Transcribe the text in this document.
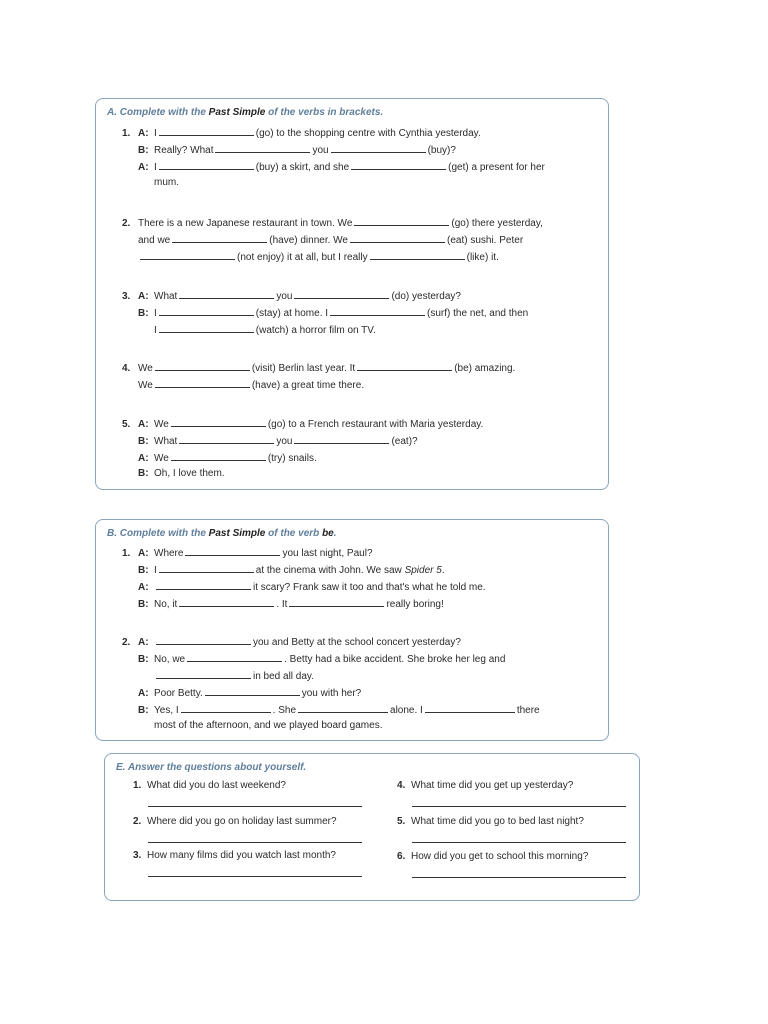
A. Complete with the Past Simple of the verbs in brackets.
1. A: I	(go) to the shopping centre with Cynthia yesterday.
B: Really? What	you	(buy)?
A: I	(buy) a skirt, and she	(get) a present for her
mum.
2. There is a new Japanese restaurant in town. We	(go) there yesterday,
and we	(have) dinner. We	(eat) sushi. Peter
(not enjoy) it at all, but I really	(like) it.
3. A: What	you	(do) yesterday?
B: I	(stay) at home. I	(surf) the net, and then
I	(watch) a horror film on TV.
4. We	(visit) Berlin last year. It	(be) amazing.
We	(have) a great time there.
5. A: We	(go) to a French restaurant with Maria yesterday.
B: What	you	(eat)?
A: We	(try) snails.
B: Oh, I love them.
B. Complete with the Past Simple of the verb be.
1. A: Where	you last night, Paul?
B: I	at the cinema with John. We saw Spider 5.
A:	it scary? Frank saw it too and that's what he told me.
B: No, it	. It	really boring!
2. A:	you and Betty at the school concert yesterday?
B: No, we	. Betty had a bike accident. She broke her leg and
in bed all day.
A: Poor Betty.	you with her?
B: Yes, I	. She	alone. I	there
most of the afternoon, and we played board games.
E. Answer the questions about yourself.
1. What did you do last weekend?
2. Where did you go on holiday last summer?
3. How many films did you watch last month?
4. What time did you get up yesterday?
5. What time did you go to bed last night?
6. How did you get to school this morning?
